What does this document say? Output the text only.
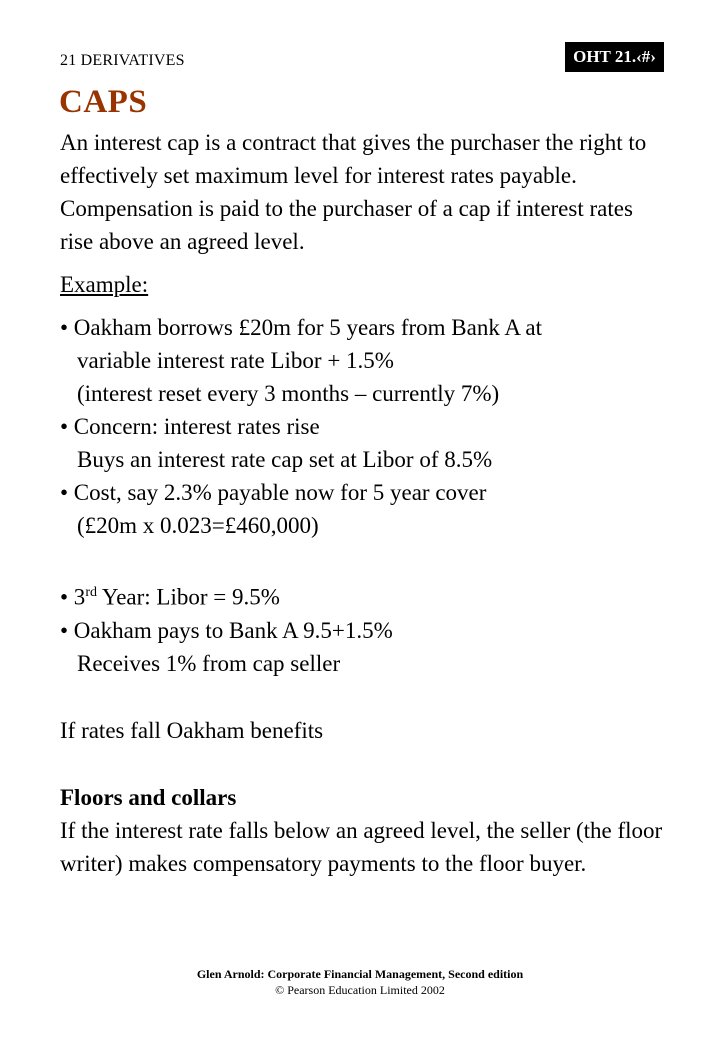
21 DERIVATIVES	OHT 21.‹#›
CAPS

An interest cap is a contract that gives the purchaser the right to effectively set maximum level for interest rates payable.

Compensation is paid to the purchaser of a cap if interest rates rise above an agreed level.

Example:

• Oakham borrows £20m for 5 years from Bank A at
variable interest rate Libor + 1.5%
(interest reset every 3 months – currently 7%)
• Concern: interest rates rise
Buys an interest rate cap set at Libor of 8.5%
• Cost, say 2.3% payable now for 5 year cover
(£20m x 0.023=£460,000)
• 3rd Year: Libor = 9.5%
• Oakham pays to Bank A 9.5+1.5%
Receives 1% from cap seller

If rates fall Oakham benefits

Floors and collars

If the interest rate falls below an agreed level, the seller (the floor writer) makes compensatory payments to the floor buyer.

Glen Arnold: Corporate Financial Management, Second edition
© Pearson Education Limited 2002
